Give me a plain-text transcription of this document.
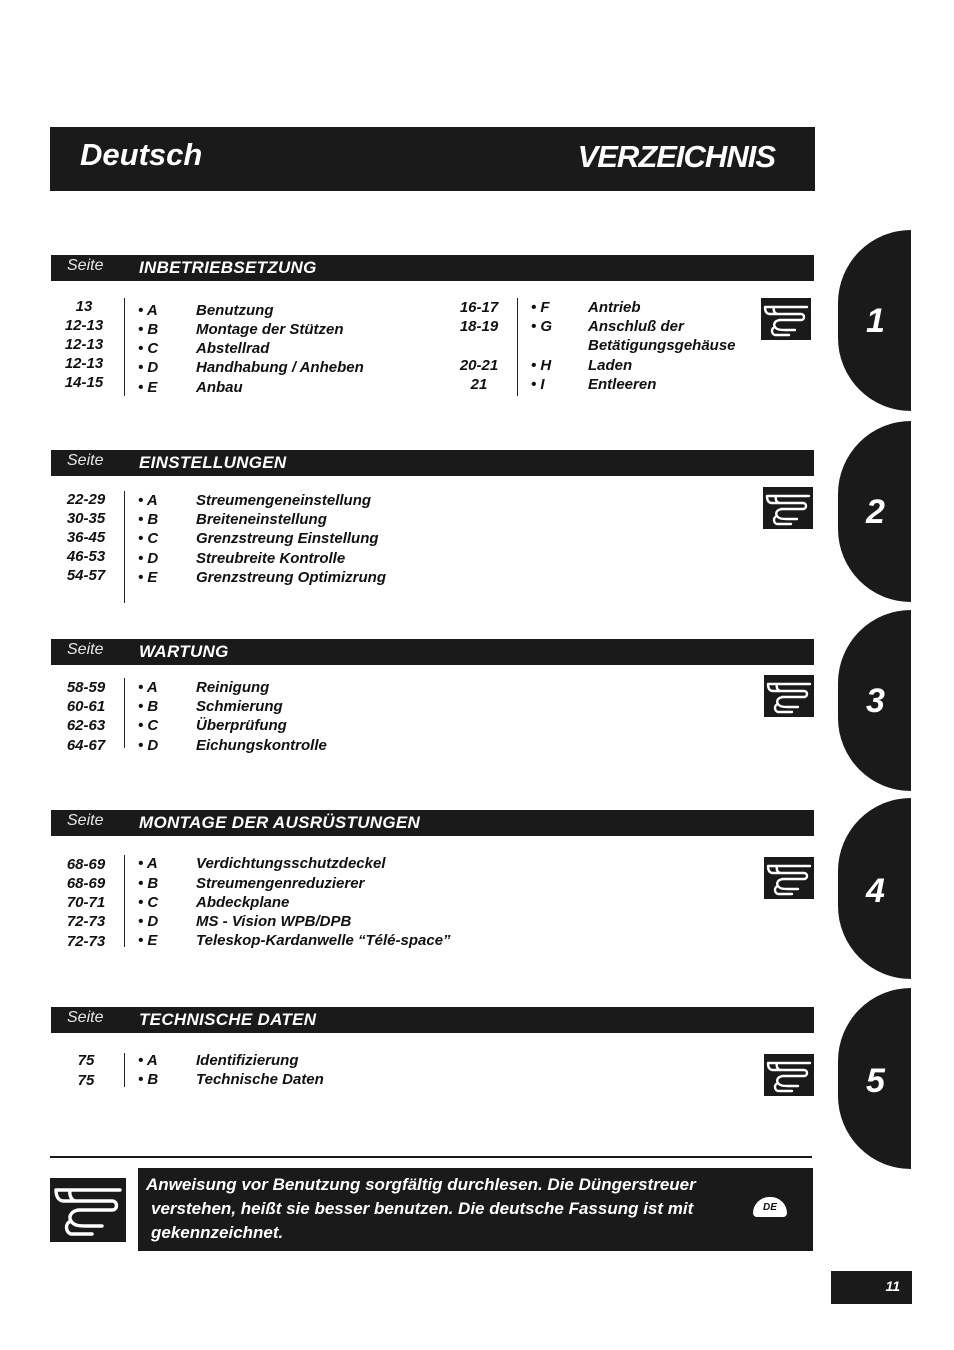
Deutsch	VERZEICHNIS
Seite INBETRIEBSETZUNG
13	• A	Benutzung
12-13	• B	Montage der Stützen
12-13	• C	Abstellrad
12-13	• D	Handhabung / Anheben
14-15	• E	Anbau
16-17	• F	Antrieb
18-19	• G	Anschluß der
Betätigungsgehäuse
20-21	• H	Laden
21	• I	Entleeren
Seite EINSTELLUNGEN
22-29	• A	Streumengeneinstellung
30-35	• B	Breiteneinstellung
36-45	• C	Grenzstreung Einstellung
46-53	• D	Streubreite Kontrolle
54-57	• E	Grenzstreung Optimizrung
Seite WARTUNG
58-59	• A	Reinigung
60-61	• B	Schmierung
62-63	• C	Überprüfung
64-67	• D	Eichungskontrolle
Seite MONTAGE DER AUSRÜSTUNGEN
68-69	• A	Verdichtungsschutzdeckel
68-69	• B	Streumengenreduzierer
70-71	• C	Abdeckplane
72-73	• D	MS - Vision WPB/DPB
72-73	• E	Teleskop-Kardanwelle “Télé-space”
Seite TECHNISCHE DATEN
75	• A	Identifizierung
75	• B	Technische Daten
1
2
3
4
5
Anweisung vor Benutzung sorgfältig durchlesen. Die Düngerstreuer
verstehen, heißt sie besser benutzen. Die deutsche Fassung ist mit
gekennzeichnet.
DE
11
